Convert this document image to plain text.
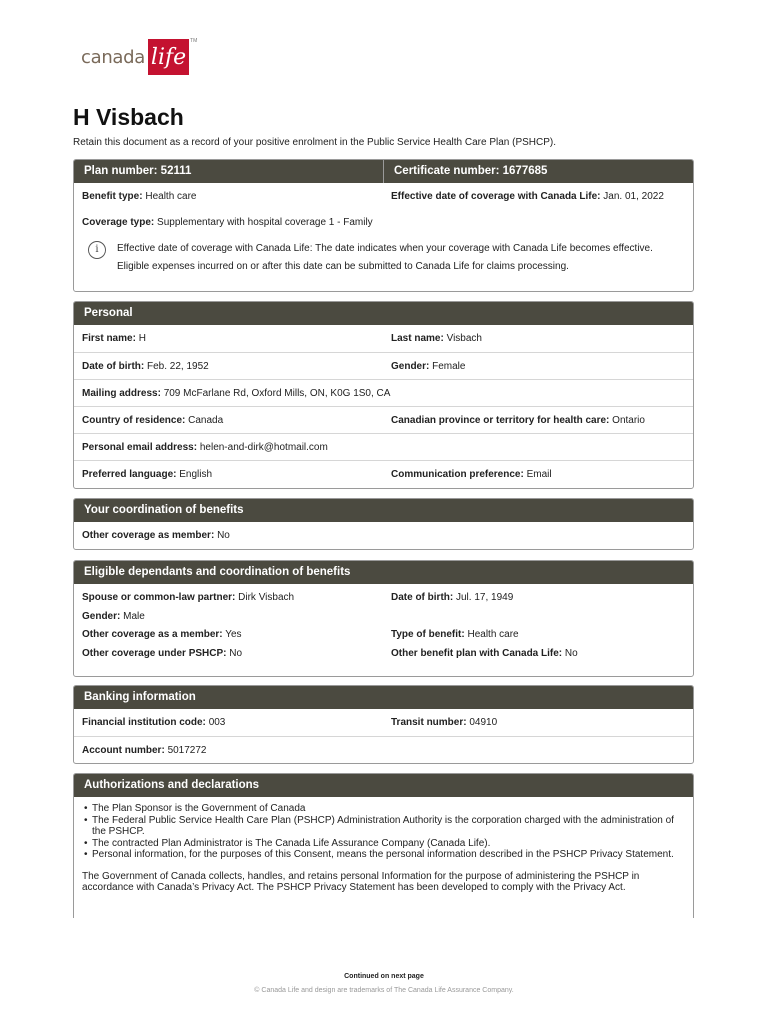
canada life
TM
H Visbach
Retain this document as a record of your positive enrolment in the Public Service Health Care Plan (PSHCP).
Plan number: 52111	Certificate number: 1677685
Benefit type: Health care	Effective date of coverage with Canada Life: Jan. 01, 2022
Coverage type: Supplementary with hospital coverage 1 - Family
i	Effective date of coverage with Canada Life: The date indicates when your coverage with Canada Life becomes effective. Eligible expenses incurred on or after this date can be submitted to Canada Life for claims processing.
Personal
First name: H	Last name: Visbach
Date of birth: Feb. 22, 1952	Gender: Female
Mailing address: 709 McFarlane Rd, Oxford Mills, ON, K0G 1S0, CA
Country of residence: Canada	Canadian province or territory for health care: Ontario
Personal email address: helen-and-dirk@hotmail.com
Preferred language: English	Communication preference: Email
Your coordination of benefits
Other coverage as member: No
Eligible dependants and coordination of benefits
Spouse or common-law partner: Dirk Visbach	Date of birth: Jul. 17, 1949
Gender: Male
Other coverage as a member: Yes	Type of benefit: Health care
Other coverage under PSHCP: No	Other benefit plan with Canada Life: No
Banking information
Financial institution code: 003	Transit number: 04910
Account number: 5017272
Authorizations and declarations
• The Plan Sponsor is the Government of Canada
• The Federal Public Service Health Care Plan (PSHCP) Administration Authority is the corporation charged with the administration of the PSHCP.
• The contracted Plan Administrator is The Canada Life Assurance Company (Canada Life).
• Personal information, for the purposes of this Consent, means the personal information described in the PSHCP Privacy Statement.

The Government of Canada collects, handles, and retains personal Information for the purpose of administering the PSHCP in accordance with Canada’s Privacy Act. The PSHCP Privacy Statement has been developed to comply with the Privacy Act.

Continued on next page
© Canada Life and design are trademarks of The Canada Life Assurance Company.
